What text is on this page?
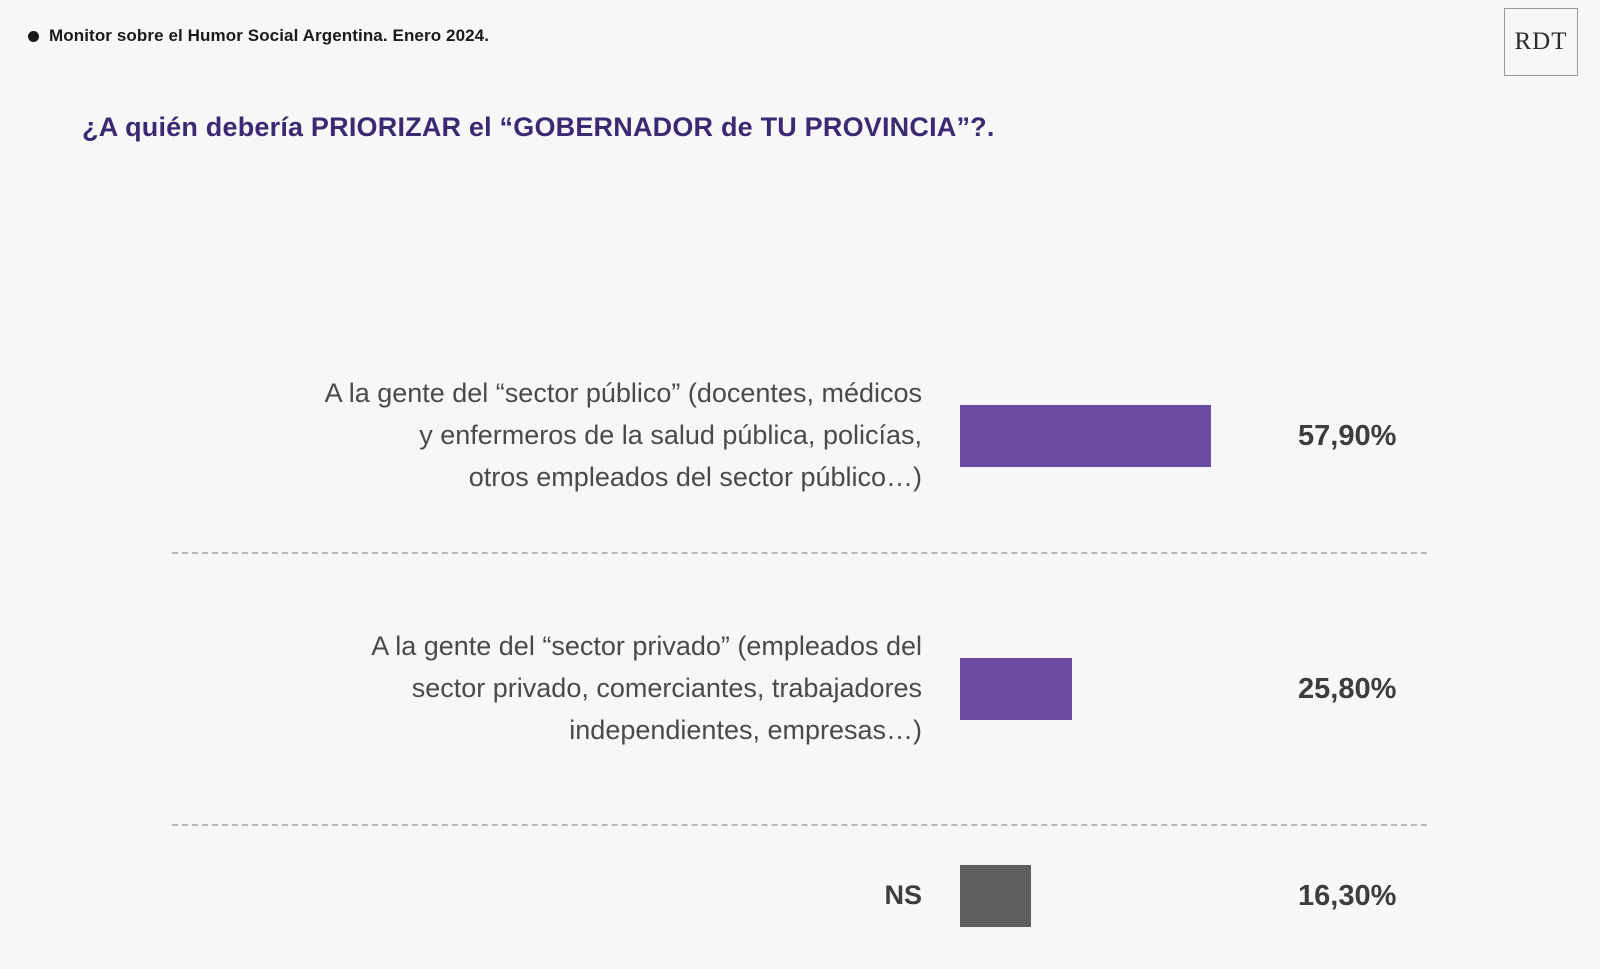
Monitor sobre el Humor Social Argentina. Enero 2024.	RDT
¿A quién debería PRIORIZAR el “GOBERNADOR de TU PROVINCIA”?.
A la gente del “sector público” (docentes, médicos
y enfermeros de la salud pública, policías,
otros empleados del sector público…)
57,90%
A la gente del “sector privado” (empleados del
sector privado, comerciantes, trabajadores
independientes, empresas…)
25,80%
NS	16,30%
